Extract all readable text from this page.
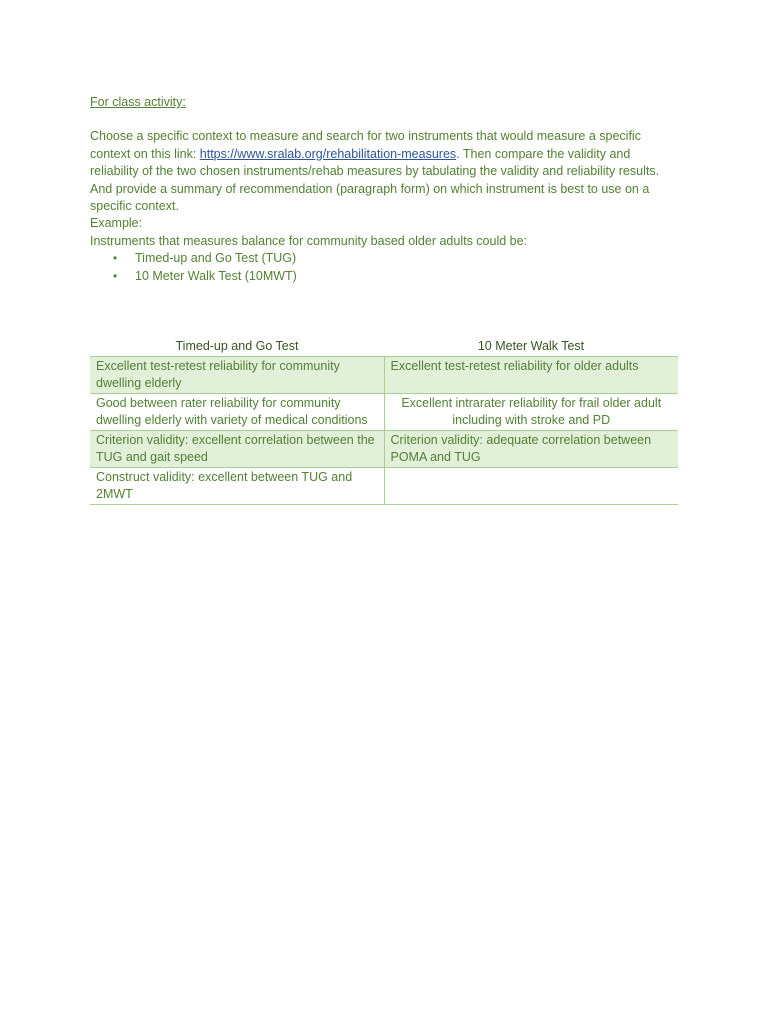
For class activity:

Choose a specific context to measure and search for two instruments that would measure a specific context on this link: https://www.sralab.org/rehabilitation-measures. Then compare the validity and reliability of the two chosen instruments/rehab measures by tabulating the validity and reliability results. And provide a summary of recommendation (paragraph form) on which instrument is best to use on a specific context.

Example:

Instruments that measures balance for community based older adults could be:

• Timed-up and Go Test (TUG)
• 10 Meter Walk Test (10MWT)
Timed-up and Go Test	10 Meter Walk Test
Excellent test-retest reliability for community dwelling elderly	Excellent test-retest reliability for older adults
Good between rater reliability for community dwelling elderly with variety of medical conditions	Excellent intrarater reliability for frail older adult including with stroke and PD
Criterion validity: excellent correlation between the TUG and gait speed	Criterion validity: adequate correlation between POMA and TUG
Construct validity: excellent between TUG and 2MWT	
